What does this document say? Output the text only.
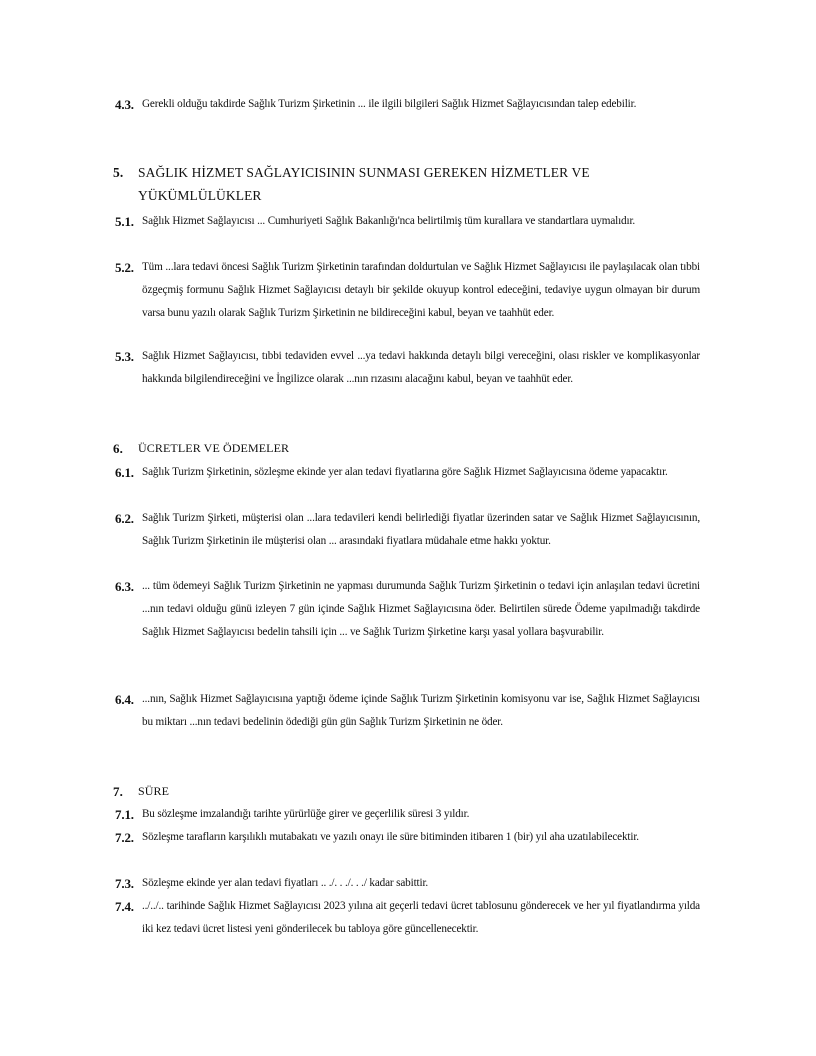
4.3. Gerekli olduğu takdirde Sağlık Turizm Şirketinin ... ile ilgili bilgileri Sağlık Hizmet Sağlayıcısından talep edebilir.
5.	SAĞLIK HİZMET SAĞLAYICISININ SUNMASI GEREKEN HİZMETLER VE YÜKÜMLÜLÜKLER
5.1. Sağlık Hizmet Sağlayıcısı ... Cumhuriyeti Sağlık Bakanlığı'nca belirtilmiş tüm kurallara ve standartlara uymalıdır.
5.2. Tüm ...lara tedavi öncesi Sağlık Turizm Şirketinin tarafından doldurtulan ve Sağlık Hizmet Sağlayıcısı ile paylaşılacak olan tıbbi özgeçmiş formunu Sağlık Hizmet Sağlayıcısı detaylı bir şekilde okuyup kontrol edeceğini, tedaviye uygun olmayan bir durum varsa bunu yazılı olarak Sağlık Turizm Şirketinin ne bildireceğini kabul, beyan ve taahhüt eder.
5.3. Sağlık Hizmet Sağlayıcısı, tıbbi tedaviden evvel ...ya tedavi hakkında detaylı bilgi vereceğini, olası riskler ve komplikasyonlar hakkında bilgilendireceğini ve İngilizce olarak ...nın rızasını alacağını kabul, beyan ve taahhüt eder.
6.	ÜCRETLER VE ÖDEMELER
6.1. Sağlık Turizm Şirketinin, sözleşme ekinde yer alan tedavi fiyatlarına göre Sağlık Hizmet Sağlayıcısına ödeme yapacaktır.
6.2. Sağlık Turizm Şirketi, müşterisi olan ...lara tedavileri kendi belirlediği fiyatlar üzerinden satar ve Sağlık Hizmet Sağlayıcısının, Sağlık Turizm Şirketinin ile müşterisi olan ... arasındaki fiyatlara müdahale etme hakkı yoktur.
6.3. ... tüm ödemeyi Sağlık Turizm Şirketinin ne yapması durumunda Sağlık Turizm Şirketinin o tedavi için anlaşılan tedavi ücretini ...nın tedavi olduğu günü izleyen 7 gün içinde Sağlık Hizmet Sağlayıcısına öder. Belirtilen sürede Ödeme yapılmadığı takdirde Sağlık Hizmet Sağlayıcısı bedelin tahsili için ... ve Sağlık Turizm Şirketine karşı yasal yollara başvurabilir.
6.4. ...nın, Sağlık Hizmet Sağlayıcısına yaptığı ödeme içinde Sağlık Turizm Şirketinin komisyonu var ise, Sağlık Hizmet Sağlayıcısı bu miktarı ...nın tedavi bedelinin ödediği gün gün Sağlık Turizm Şirketinin ne öder.
7.	SÜRE
7.1. Bu sözleşme imzalandığı tarihte yürürlüğe girer ve geçerlilik süresi 3 yıldır.
7.2. Sözleşme tarafların karşılıklı mutabakatı ve yazılı onayı ile süre bitiminden itibaren 1 (bir) yıl aha uzatılabilecektir.
7.3. Sözleşme ekinde yer alan tedavi fiyatları .. ./. . ./. . ./ kadar sabittir.
7.4. ../../.. tarihinde Sağlık Hizmet Sağlayıcısı 2023 yılına ait geçerli tedavi ücret tablosunu gönderecek ve her yıl fiyatlandırma yılda iki kez tedavi ücret listesi yeni gönderilecek bu tabloya göre güncellenecektir.
